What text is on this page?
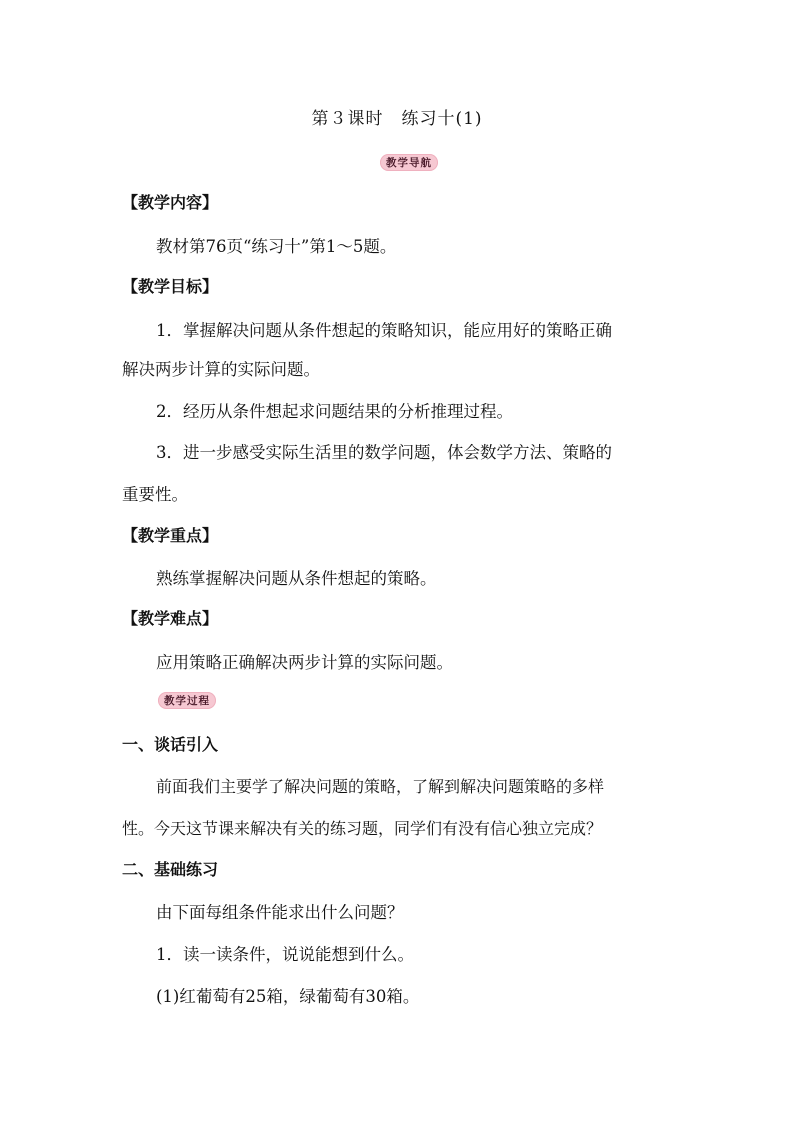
第３课时　练习十(1)
教学导航
【教学内容】
教材第76页“练习十”第1～5题。
【教学目标】
1．掌握解决问题从条件想起的策略知识，能应用好的策略正确
解决两步计算的实际问题。
2．经历从条件想起求问题结果的分析推理过程。
3．进一步感受实际生活里的数学问题，体会数学方法、策略的
重要性。
【教学重点】
熟练掌握解决问题从条件想起的策略。
【教学难点】
应用策略正确解决两步计算的实际问题。
教学过程
一、谈话引入
前面我们主要学了解决问题的策略，了解到解决问题策略的多样
性。今天这节课来解决有关的练习题，同学们有没有信心独立完成？
二、基础练习
由下面每组条件能求出什么问题？
1．读一读条件，说说能想到什么。
(1)红葡萄有25箱，绿葡萄有30箱。
